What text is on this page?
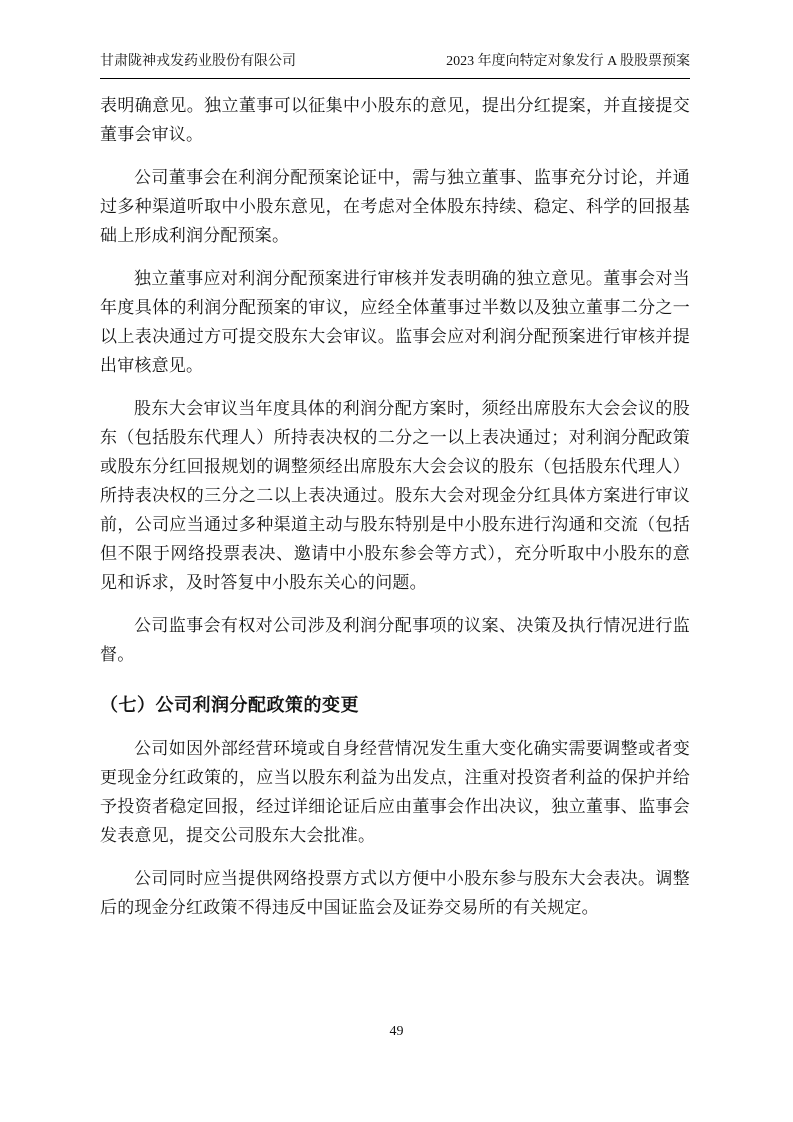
甘肃陇神戎发药业股份有限公司	2023 年度向特定对象发行 A 股股票预案

表明确意见。独立董事可以征集中小股东的意见，提出分红提案，并直接提交董事会审议。

公司董事会在利润分配预案论证中，需与独立董事、监事充分讨论，并通过多种渠道听取中小股东意见，在考虑对全体股东持续、稳定、科学的回报基础上形成利润分配预案。

独立董事应对利润分配预案进行审核并发表明确的独立意见。董事会对当年度具体的利润分配预案的审议，应经全体董事过半数以及独立董事二分之一以上表决通过方可提交股东大会审议。监事会应对利润分配预案进行审核并提出审核意见。

股东大会审议当年度具体的利润分配方案时，须经出席股东大会会议的股东（包括股东代理人）所持表决权的二分之一以上表决通过；对利润分配政策或股东分红回报规划的调整须经出席股东大会会议的股东（包括股东代理人）所持表决权的三分之二以上表决通过。股东大会对现金分红具体方案进行审议前，公司应当通过多种渠道主动与股东特别是中小股东进行沟通和交流（包括但不限于网络投票表决、邀请中小股东参会等方式），充分听取中小股东的意见和诉求，及时答复中小股东关心的问题。

公司监事会有权对公司涉及利润分配事项的议案、决策及执行情况进行监督。

（七）公司利润分配政策的变更

公司如因外部经营环境或自身经营情况发生重大变化确实需要调整或者变更现金分红政策的，应当以股东利益为出发点，注重对投资者利益的保护并给予投资者稳定回报，经过详细论证后应由董事会作出决议，独立董事、监事会发表意见，提交公司股东大会批准。

公司同时应当提供网络投票方式以方便中小股东参与股东大会表决。调整后的现金分红政策不得违反中国证监会及证券交易所的有关规定。

49
